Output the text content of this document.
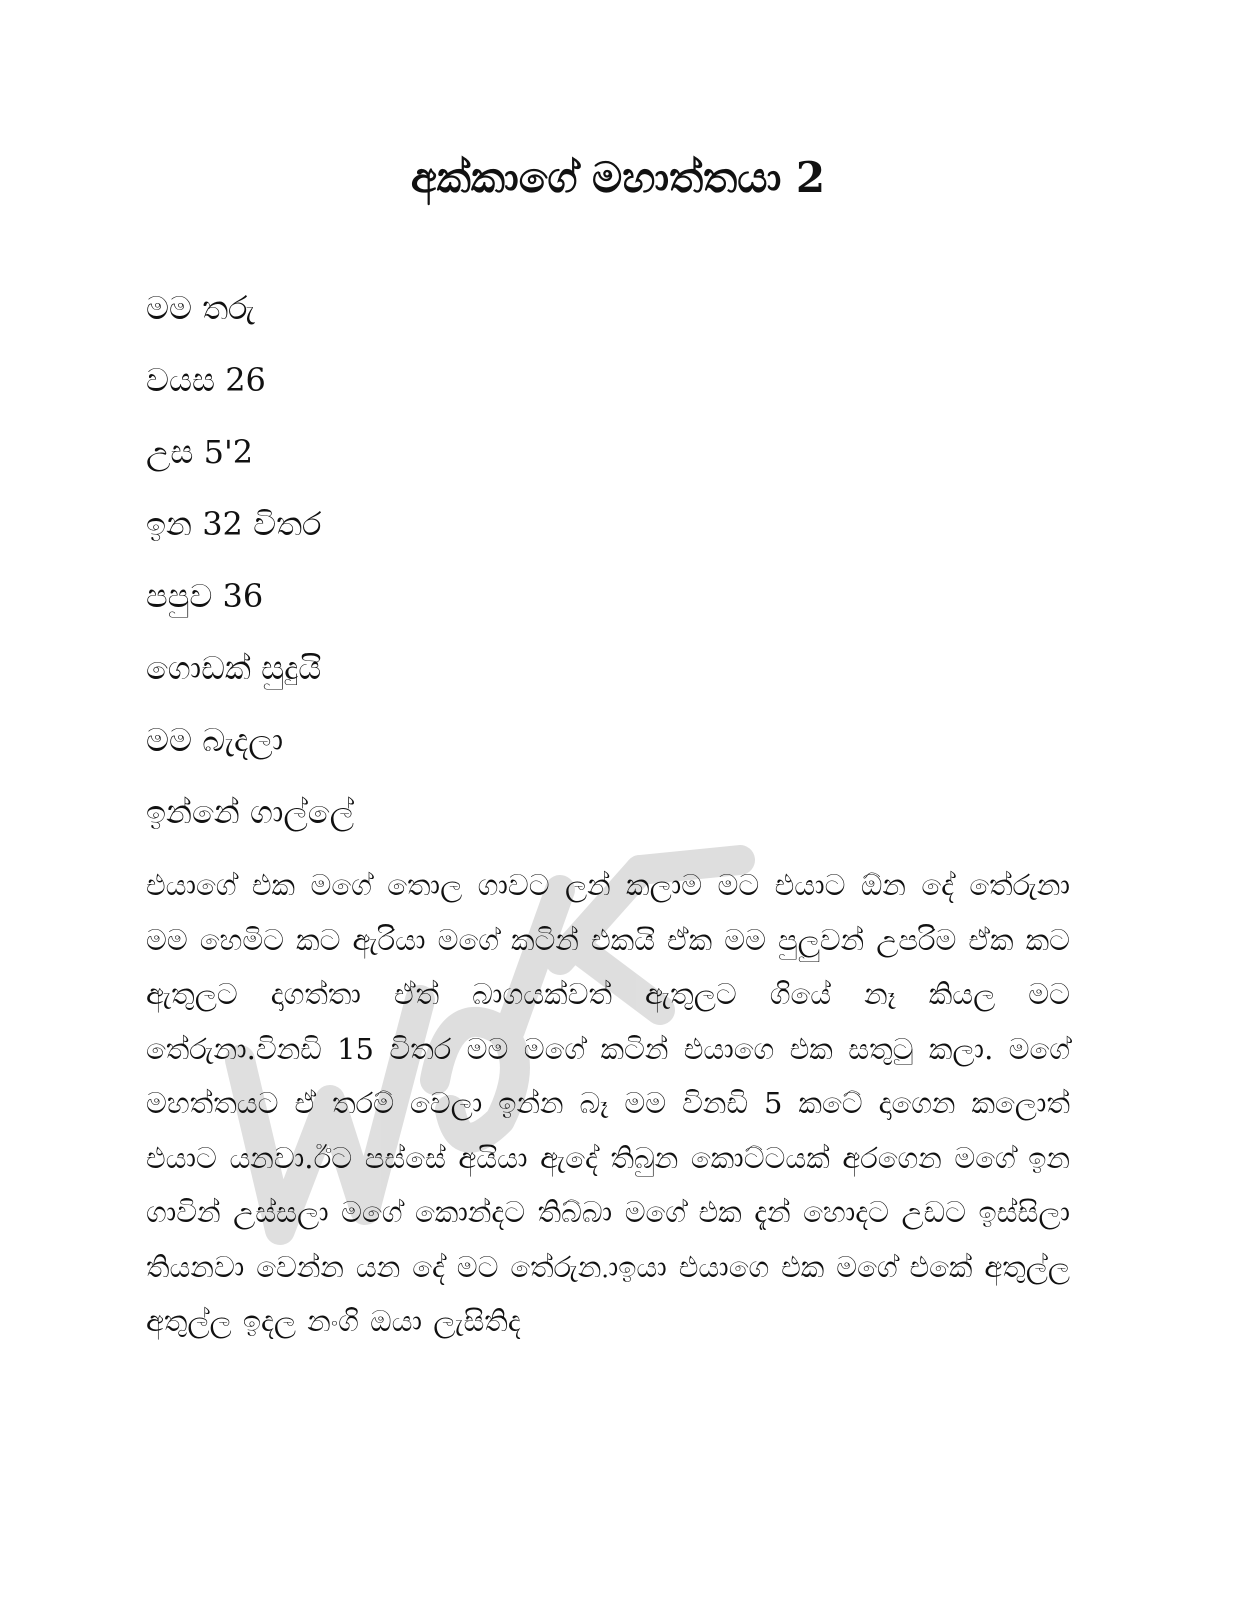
අක්කාගේ මහාත්තයා 2
මම තරු
වයස 26
උස 5'2
ඉන 32 විතර
පපුව 36
ගොඩක් සුදුයි
මම බැදලා
ඉන්නේ ගාල්ලේ

එයාගේ එක මගේ තොල ගාවට ලන් කලාම මට එයාට ඕන දේ තේරුනා මම හෙමිට කට ඇරියා මගේ කටින් එකයි ඒක මම පුලුවන් උපරිම ඒක කට ඇතුලට දාගත්තා ඒත් බාගයක්වත් ඇතුලට ගියේ නෑ කියල මට තේරුනා.විනඩි 15 විතර මම මගේ කටින් එයාගෙ එක සතුටු කලා. මගේ මහත්තයට ඒ තරම් වෙලා ඉන්න බෑ මම විනඩි 5 කටේ දාගෙන කලොත් එයාට යනවා.ඊට පස්සේ අයියා ඇදේ තිබුන කොට්ටයක් අරගෙන මගේ ඉන ගාවින් උස්සලා මගේ කොන්දට තිබ්බා මගේ එක දැන් හොදට උඩට ඉස්සිලා තියනවා වෙන්න යන දේ මට තේරුන.ාඉයා එයාගෙ එක මගේ එකේ අතුල්ල අතුල්ල ඉදල නංගි ඔයා ලැසිතිද
